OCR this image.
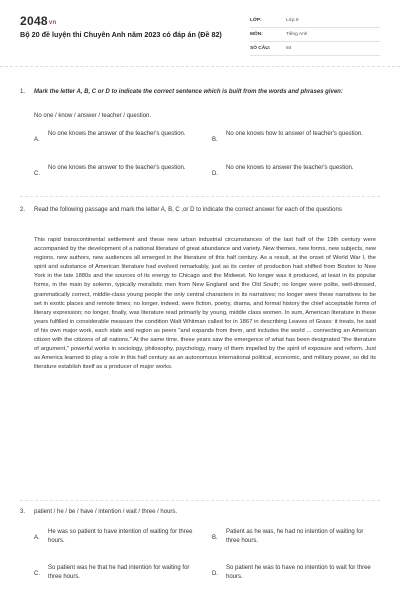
2048vn
Bộ 20 đề luyện thi Chuyên Anh năm 2023 có đáp án (Đề 82)
LỚP:	Lớp 9
MÔN:	Tiếng Anh
SỐ CÂU:	84
1.	Mark the letter A, B, C or D to indicate the correct sentence which is built from the words and phrases given:
No one / know / answer / teacher / question.
A.
No one knows the answer of the teacher's question.
B.
No one knows how to answer of teacher's question.
C.
No one knows the answer to the teacher's question.
D.
No one knows to answer the teacher's question.
2.	Read the following passage and mark the letter A, B, C ,or D to indicate the correct answer for each of the questions
This rapid transcontinental settlement and these new urban industrial circumstances of the last half of the 19th century were accompanied by the development of a national literature of great abundance and variety. New themes, new forms, new subjects, new regions, new authors, new audiences all emerged in the literature of this half century. As a result, at the onset of World War I, the spirit and substance of American literature had evolved remarkably, just as its center of production had shifted from Boston to New York in the late 1880s and the sources of its energy to Chicago and the Midwest. No longer was it produced, at least in its popular forms, in the main by solemn, typically moralistic men from New England and the Old South; no longer were polite, well-dressed, grammatically correct, middle-class young people the only central characters in its narratives; no longer were these narratives to be set in exotic places and remote times; no longer, indeed, were fiction, poetry, drama, and formal history the chief acceptable forms of literary expression; no longer, finally, was literature read primarily by young, middle class women. In sum, American literature in these years fulfilled in considerable measure the condition Walt Whitman called for in 1867 in describing Leaves of Grass: it treats, he said of his own major work, each state and region as peers "and expands from them, and includes the world ... connecting an American citizen with the citizens of all nations." At the same time, these years saw the emergence of what has been designated "the literature of argument," powerful works in sociology, philosophy, psychology, many of them impelled by the spirit of exposure and reform. Just as America learned to play a role in this half century as an autonomous international political, economic, and military power, so did its literature establish itself as a producer of major works.
3.	patient / he / be / have / intention / wait / three / hours.
A.
He was so patient to have intention of waiting for three hours.	B.
Patient as he was, he had no intention of waiting for three hours.
C.
So patient was he that he had intention for waiting for three hours.	D.
So patient he was to have no intention to wait for three hours.
